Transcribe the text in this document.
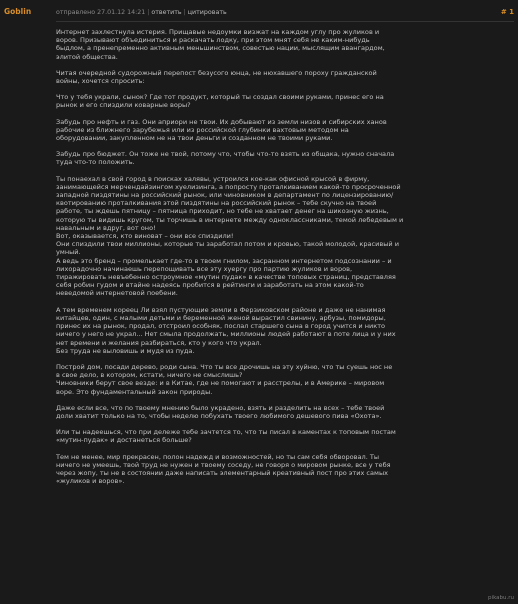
Goblin	отправлено 27.01.12 14:21 | ответить | цитировать	# 1

Интернет захлестнула истерия. Прищавые недоумки визжат на каждом углу про жуликов и
воров. Призывают объединиться и раскачать лодку, при этом мнят себя не каким-нибудь
быдлом, а пренепременно активным меньшинством, совестью нации, мыслящим авангардом,
элитой общества.

Читая очередной судорожный перепост безусого юнца, не нюхавшего пороху гражданской
войны, хочется спросить:

Что у тебя украли, сынок? Где тот продукт, который ты создал своими руками, принес его на
рынок и его спиздили коварные воры?

Забудь про нефть и газ. Они априори не твои. Их добывают из земли низов и сибирских ханов
рабочие из ближнего зарубежья или из российской глубинки вахтовым методом на
оборудовании, закупленном не на твои деньги и созданном не твоими руками.

Забудь про бюджет. Он тоже не твой, потому что, чтобы что-то взять из общака, нужно сначала
туда что-то положить.

Ты понаехал в свой город в поисках халявы, устроился кое-как офисной крысой в фирму,
занимающейся мерчендайзингом хуелизинга, а попросту проталкиванием какой-то просроченной
западной пиздятины на российский рынок, или чиновником в департамент по лицензированию/
квотированию проталкивания этой пиздятины на российский рынок – тебе скучно на твоей
работе, ты ждешь пятницу – пятница приходит, но тебе не хватает денег на шикозную жизнь,
которую ты видишь кругом, ты торчишь в интернете между одноклассниками, темой лебедевым и
навальным и вдруг, вот оно!
Вот, оказывается, кто виноват – они все спиздили!
Они спиздили твои миллионы, которые ты заработал потом и кровью, такой молодой, красивый и
умный.
А ведь это бренд – промелькает где-то в твоем гнилом, засранном интернетом подсознании – и
лихорадочно начинаешь перепощивать все эту хуергу про партию жуликов и воров,
тиражировать невъебенно остроумное «мутин пудак» в качестве топовых страниц, представляя
себя робин гудом и втайне надеясь пробится в рейтинги и заработать на этом какой-то
неведомой интернетовой поебени.

А тем временем кореец Ли взял пустующие земли в Ферзиковском районе и даже не нанимая
китайцев, один, с малыми детьми и беременной женой вырастил свинину, арбузы, помидоры,
принес их на рынок, продал, отстроил особняк, послал старшего сына в город учится и никто
ничего у него не украл... Нет смыла продолжать, миллионы людей работают в поте лица и у них
нет времени и желания разбираться, кто у кого что украл.
Без труда не выловишь и мудя из пуда.

Построй дом, посади дерево, роди сына. Что ты все дрочишь на эту хуйню, что ты суешь нос не
в свое дело, в котором, кстати, ничего не смыслишь?
Чиновники берут свое везде: и в Китае, где не помогают и расстрелы, и в Америке – мировом
воре. Это фундаментальный закон природы.

Даже если все, что по твоему мнению было украдено, взять и разделить на всех – тебе твоей
доли хватит только на то, чтобы неделю побухать твоего любимого дешевого пива «Охота».

Или ты надеешься, что при дележе тебе зачтется то, что ты писал в каментах к топовым постам
«мутин-пудак» и достанеться больше?

Тем не менее, мир прекрасен, полон надежд и возможностей, но ты сам себя обворовал. Ты
ничего не умеешь, твой труд не нужен и твоему соседу, не говоря о мировом рынке, все у тебя
через жопу, ты не в состоянии даже написать элементарный креативный пост про этих самых
«жуликов и воров».

pikabu.ru
